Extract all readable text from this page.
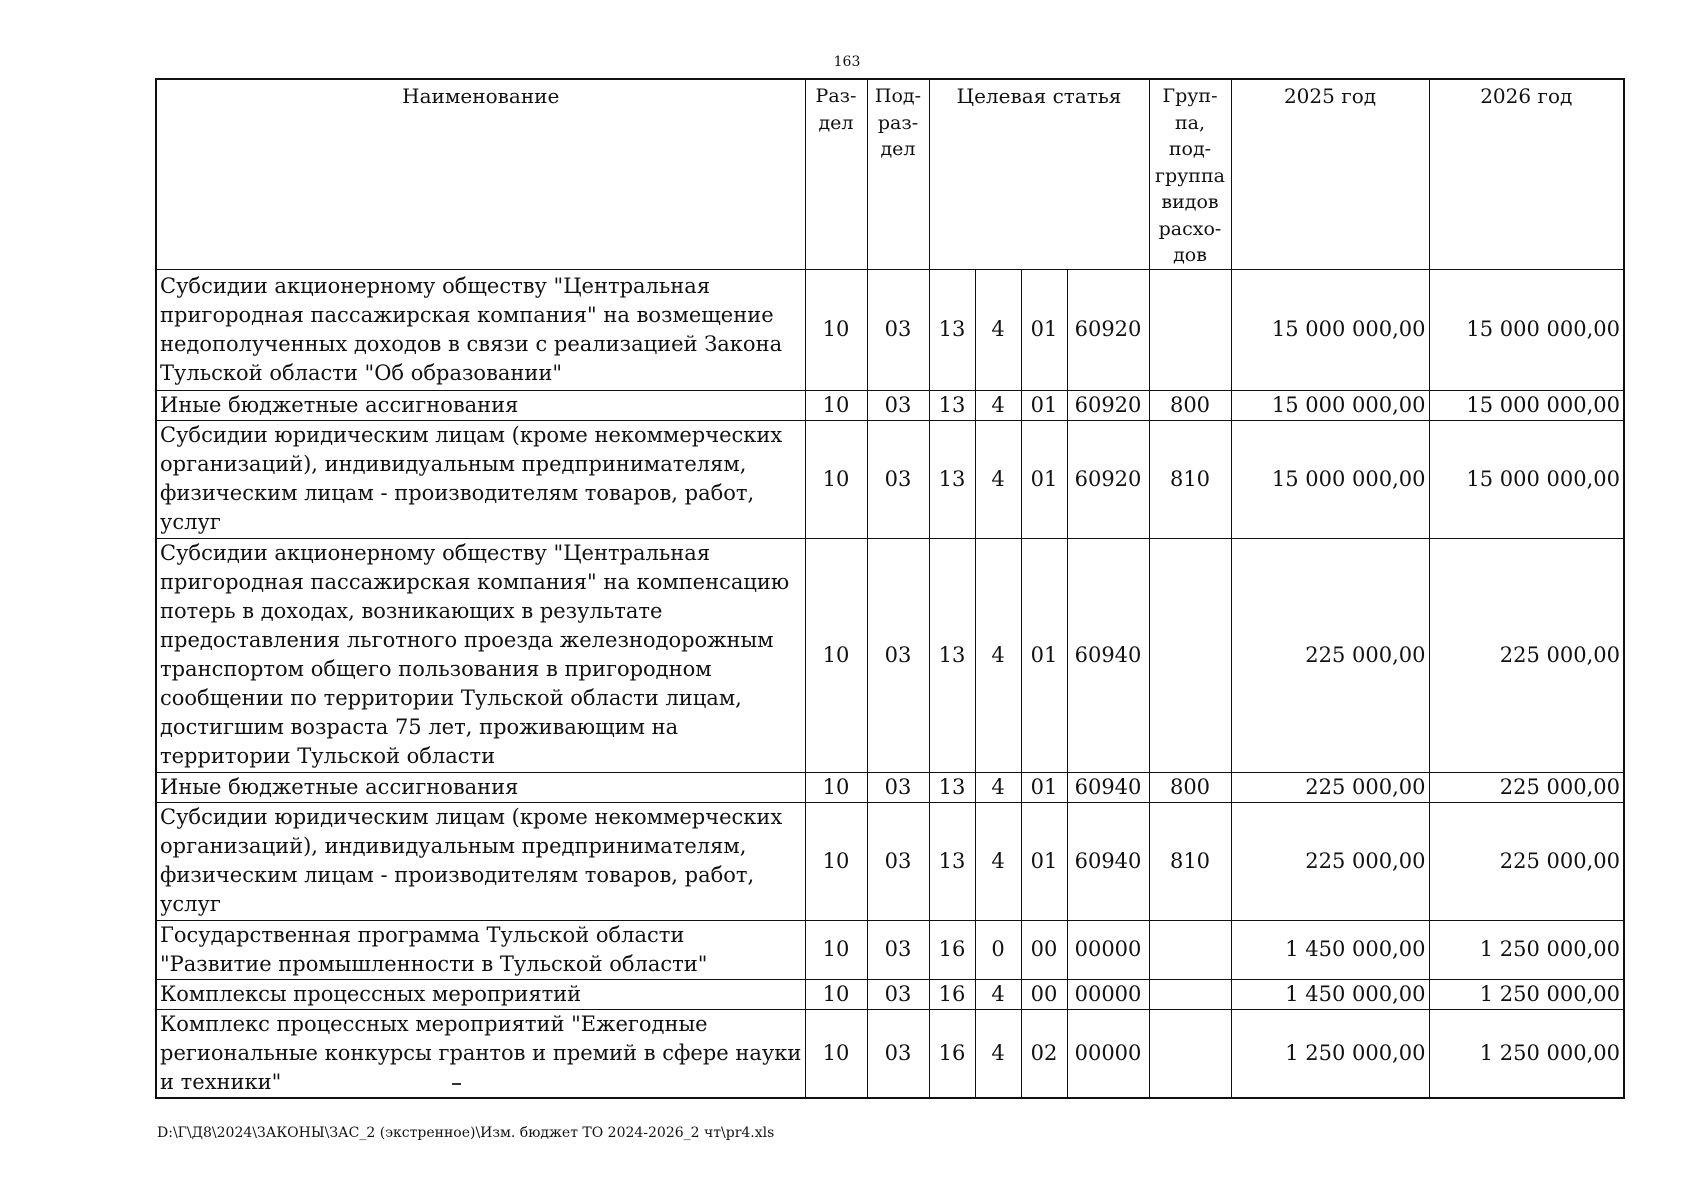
163
Наименование	Раз-дел	Под-раз-дел	Целевая статья				Груп-па, под-группа видов расхо-дов	2025 год	2026 год
Субсидии акционерному обществу "Центральная пригородная пассажирская компания" на возмещение недополученных доходов в связи с реализацией Закона Тульской области "Об образовании"	10	03	13	4	01	60920		15 000 000,00	15 000 000,00
Иные бюджетные ассигнования	10	03	13	4	01	60920	800	15 000 000,00	15 000 000,00
Субсидии юридическим лицам (кроме некоммерческих организаций), индивидуальным предпринимателям, физическим лицам - производителям товаров, работ, услуг	10	03	13	4	01	60920	810	15 000 000,00	15 000 000,00
Субсидии акционерному обществу "Центральная пригородная пассажирская компания" на компенсацию потерь в доходах, возникающих в результате предоставления льготного проезда железнодорожным транспортом общего пользования в пригородном сообщении по территории Тульской области лицам, достигшим возраста 75 лет, проживающим на территории Тульской области	10	03	13	4	01	60940		225 000,00	225 000,00
Иные бюджетные ассигнования	10	03	13	4	01	60940	800	225 000,00	225 000,00
Субсидии юридическим лицам (кроме некоммерческих организаций), индивидуальным предпринимателям, физическим лицам - производителям товаров, работ, услуг	10	03	13	4	01	60940	810	225 000,00	225 000,00
Государственная программа Тульской области "Развитие промышленности в Тульской области"	10	03	16	0	00	00000		1 450 000,00	1 250 000,00
Комплексы процессных мероприятий	10	03	16	4	00	00000		1 450 000,00	1 250 000,00
Комплекс процессных мероприятий "Ежегодные региональные конкурсы грантов и премий в сфере науки и техники"	10	03	16	4	02	00000		1 250 000,00	1 250 000,00
D:\Г\Д8\2024\ЗАКОНЫ\ЗАС_2 (экстренное)\Изм. бюджет ТО 2024-2026_2 чт\pr4.xls
